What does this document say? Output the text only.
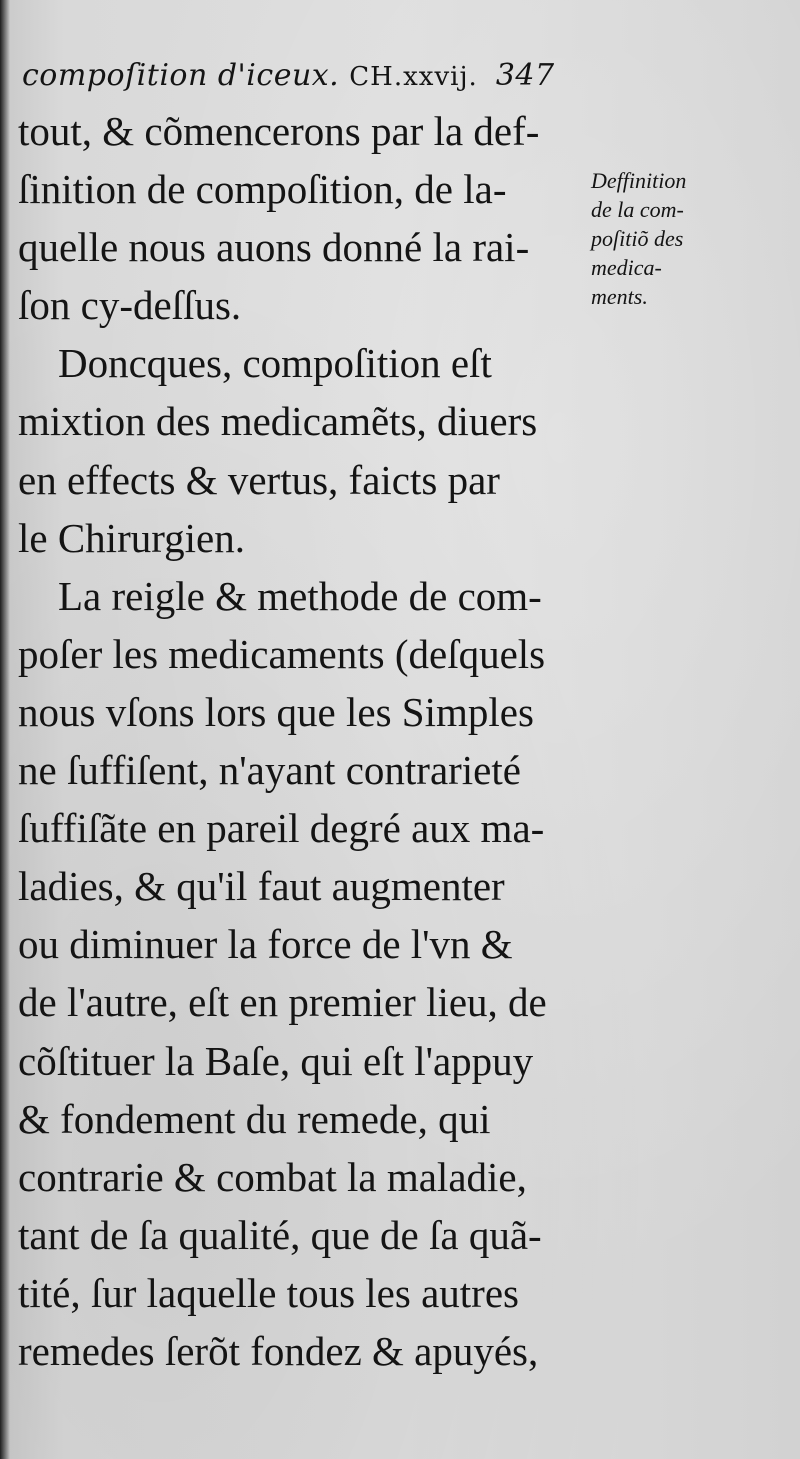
compoſition d'iceux. CH.xxvij. 347
tout, & cõmencerons par la def-
ſinition de compoſition, de la-
quelle nous auons donné la rai-
ſon cy-deſſus.
Doncques, compoſition eſt
mixtion des medicamẽts, diuers
en effects & vertus, faicts par
le Chirurgien.
La reigle & methode de com-
poſer les medicaments (deſquels
nous vſons lors que les Simples
ne ſuffiſent, n'ayant contrarieté
ſuffiſãte en pareil degré aux ma-
ladies, & qu'il faut augmenter
ou diminuer la force de l'vn &
de l'autre, eſt en premier lieu, de
cõſtituer la Baſe, qui eſt l'appuy
& fondement du remede, qui
contrarie & combat la maladie,
tant de ſa qualité, que de ſa quã-
tité, ſur laquelle tous les autres
remedes ſerõt fondez & apuyés,
Deffinition
de la com-
poſitiõ des
medica-
ments.
